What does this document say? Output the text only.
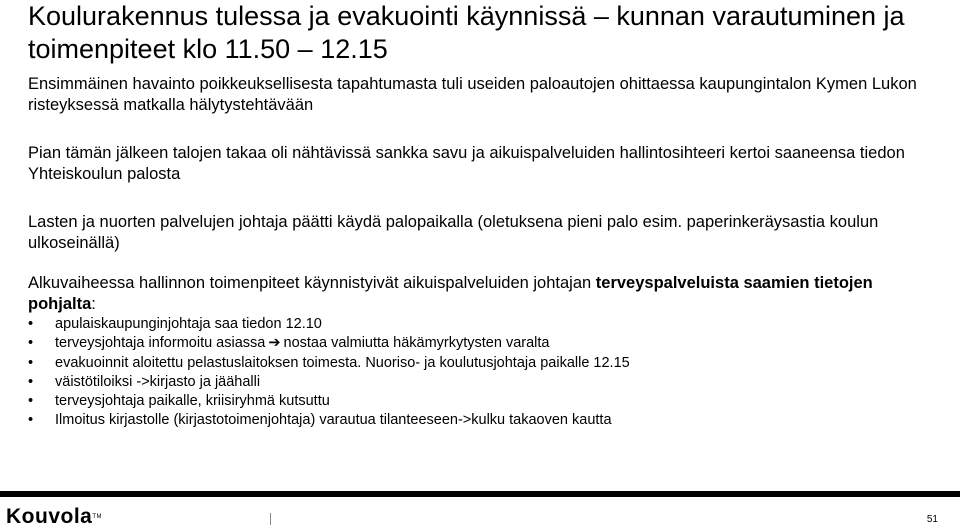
Koulurakennus tulessa ja evakuointi käynnissä – kunnan varautuminen ja toimenpiteet klo 11.50 – 12.15
Ensimmäinen havainto poikkeuksellisesta tapahtumasta tuli useiden paloautojen ohittaessa kaupungintalon Kymen Lukon risteyksessä matkalla hälytystehtävään
Pian tämän jälkeen talojen takaa oli nähtävissä sankka savu ja aikuispalveluiden hallintosihteeri kertoi saaneensa tiedon Yhteiskoulun palosta
Lasten ja nuorten palvelujen johtaja päätti käydä palopaikalla (oletuksena pieni palo esim. paperinkeräysastia koulun ulkoseinällä)
Alkuvaiheessa hallinnon toimenpiteet käynnistyivät aikuispalveluiden johtajan terveyspalveluista saamien tietojen pohjalta:
• apulaiskaupunginjohtaja saa tiedon 12.10
• terveysjohtaja informoitu asiassa ➔ nostaa valmiutta häkämyrkytysten varalta
• evakuoinnit aloitettu pelastuslaitoksen toimesta. Nuoriso- ja koulutusjohtaja paikalle 12.15
• väistötiloiksi ->kirjasto ja jäähalli
• terveysjohtaja paikalle, kriisiryhmä kutsuttu
• Ilmoitus kirjastolle (kirjastotoimenjohtaja) varautua tilanteeseen->kulku takaoven kautta
KouvolaTM	51
